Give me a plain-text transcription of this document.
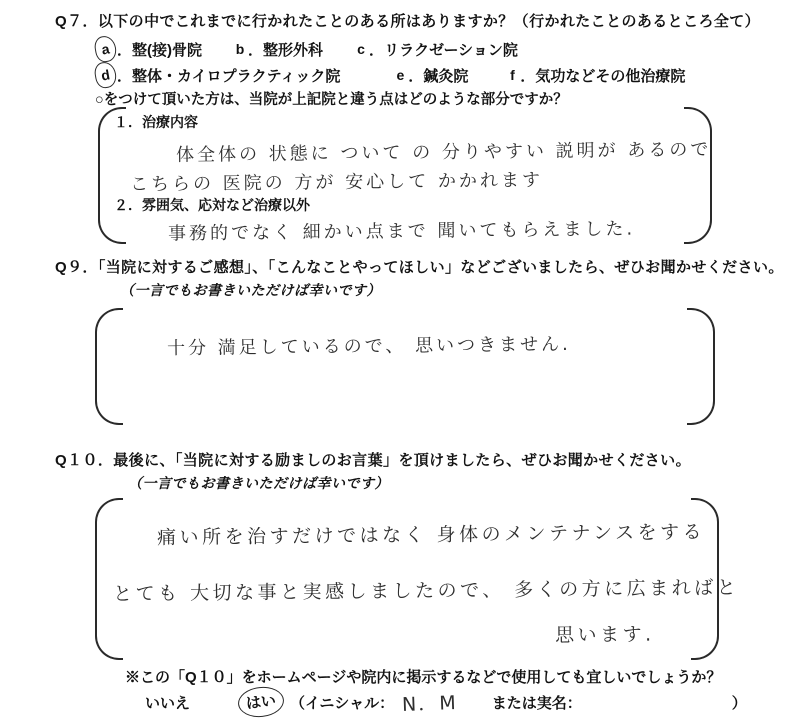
Q７．以下の中でこれまでに行かれたことのある所はありますか？（行かれたことのあるところ全て）
a ． 整(接)骨院 b ． 整形外科 c ． リラクゼーション院
d ． 整体・カイロプラクティック院	e ． 鍼灸院	f ． 気功などその他治療院
○をつけて頂いた方は、当院が上記院と違う点はどのような部分ですか？
１．治療内容
体全体の 状態に ついて の 分りやすい 説明が あるので
こちらの 医院の 方が 安心して かかれます
２．雰囲気、応対など治療以外
事務的でなく 細かい点まで 聞いてもらえました.
Q９．「当院に対するご感想」、「こんなことやってほしい」などございましたら、ぜひお聞かせください。
（一言でもお書きいただけば幸いです）
十分 満足しているので、 思いつきません.
Q１０．最後に、「当院に対する励ましのお言葉」を頂けましたら、ぜひお聞かせください。
（一言でもお書きいただけば幸いです）
痛い所を治すだけではなく 身体のメンテナンスをする
とても 大切な事と実感しましたので、 多くの方に広まればと
思います.
※この「Q１０」をホームページや院内に掲示するなどで使用しても宜しいでしょうか？
いいえ	はい （イニシャル： N．M または実名：	）
